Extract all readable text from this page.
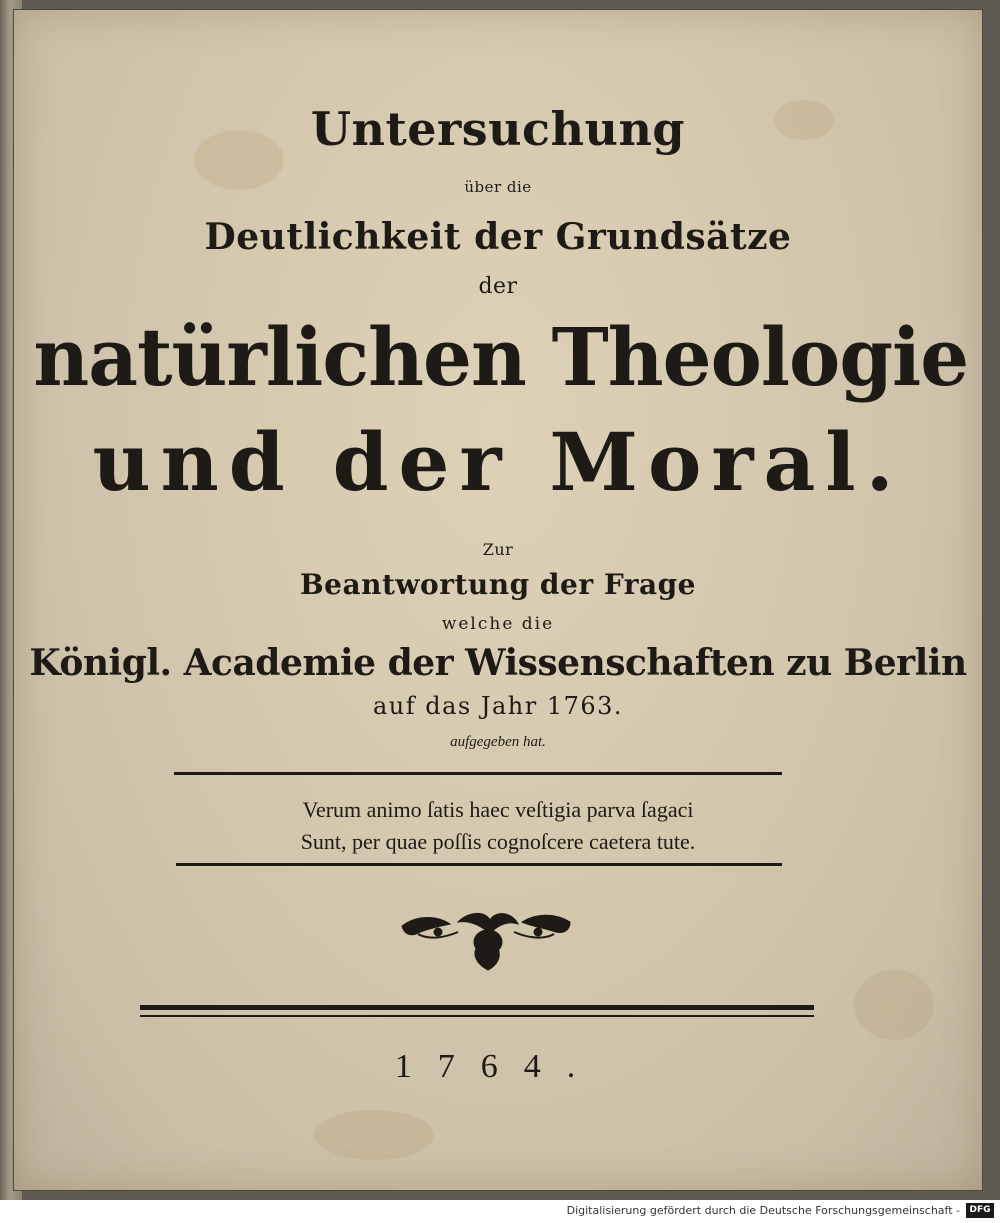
Untersuchung
über die
Deutlichkeit der Grundsätze
der
natürlichen Theologie
und der Moral.
Zur
Beantwortung der Frage
welche die
Königl. Academie der Wissenschaften zu Berlin
auf das Jahr 1763.
aufgegeben hat.
Verum animo ſatis haec veſtigia parva ſagaci
Sunt, per quae poſſis cognoſcere caetera tute.
1764.
Digitalisierung gefördert durch die Deutsche Forschungsgemeinschaft -	DFG
